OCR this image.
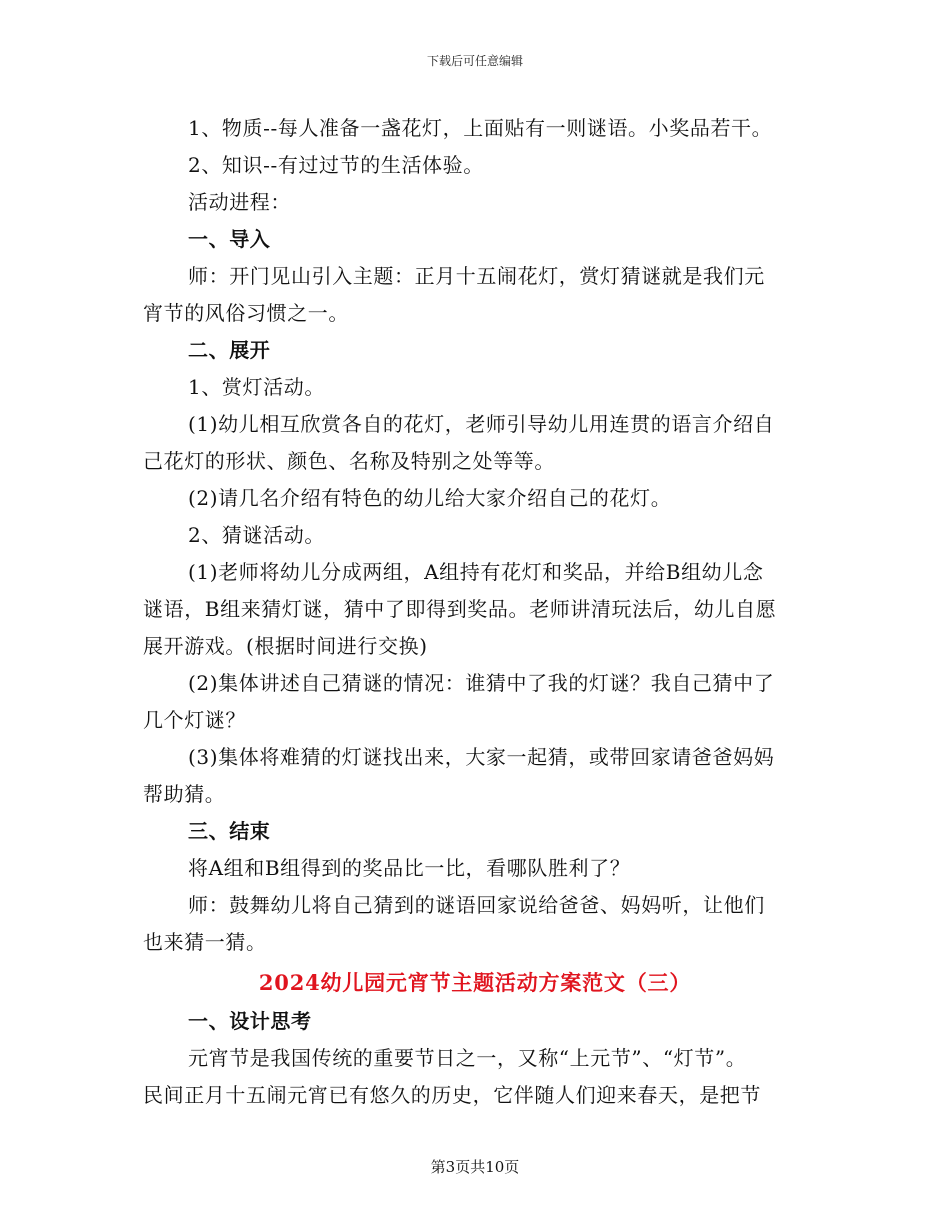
下载后可任意编辑
1、物质--每人准备一盏花灯，上面贴有一则谜语。小奖品若干。
2、知识--有过过节的生活体验。
活动进程：
一、导入
师：开门见山引入主题：正月十五闹花灯，赏灯猜谜就是我们元
宵节的风俗习惯之一。
二、展开
1、赏灯活动。
(1)幼儿相互欣赏各自的花灯，老师引导幼儿用连贯的语言介绍自
己花灯的形状、颜色、名称及特别之处等等。
(2)请几名介绍有特色的幼儿给大家介绍自己的花灯。
2、猜谜活动。
(1)老师将幼儿分成两组，A组持有花灯和奖品，并给B组幼儿念
谜语，B组来猜灯谜，猜中了即得到奖品。老师讲清玩法后，幼儿自愿
展开游戏。(根据时间进行交换)
(2)集体讲述自己猜谜的情况：谁猜中了我的灯谜？我自己猜中了
几个灯谜？
(3)集体将难猜的灯谜找出来，大家一起猜，或带回家请爸爸妈妈
帮助猜。
三、结束
将A组和B组得到的奖品比一比，看哪队胜利了？
师：鼓舞幼儿将自己猜到的谜语回家说给爸爸、妈妈听，让他们
也来猜一猜。
2024幼儿园元宵节主题活动方案范文（三）
一、设计思考
元宵节是我国传统的重要节日之一，又称“上元节”、“灯节”。
民间正月十五闹元宵已有悠久的历史，它伴随人们迎来春天，是把节
第3页共10页
